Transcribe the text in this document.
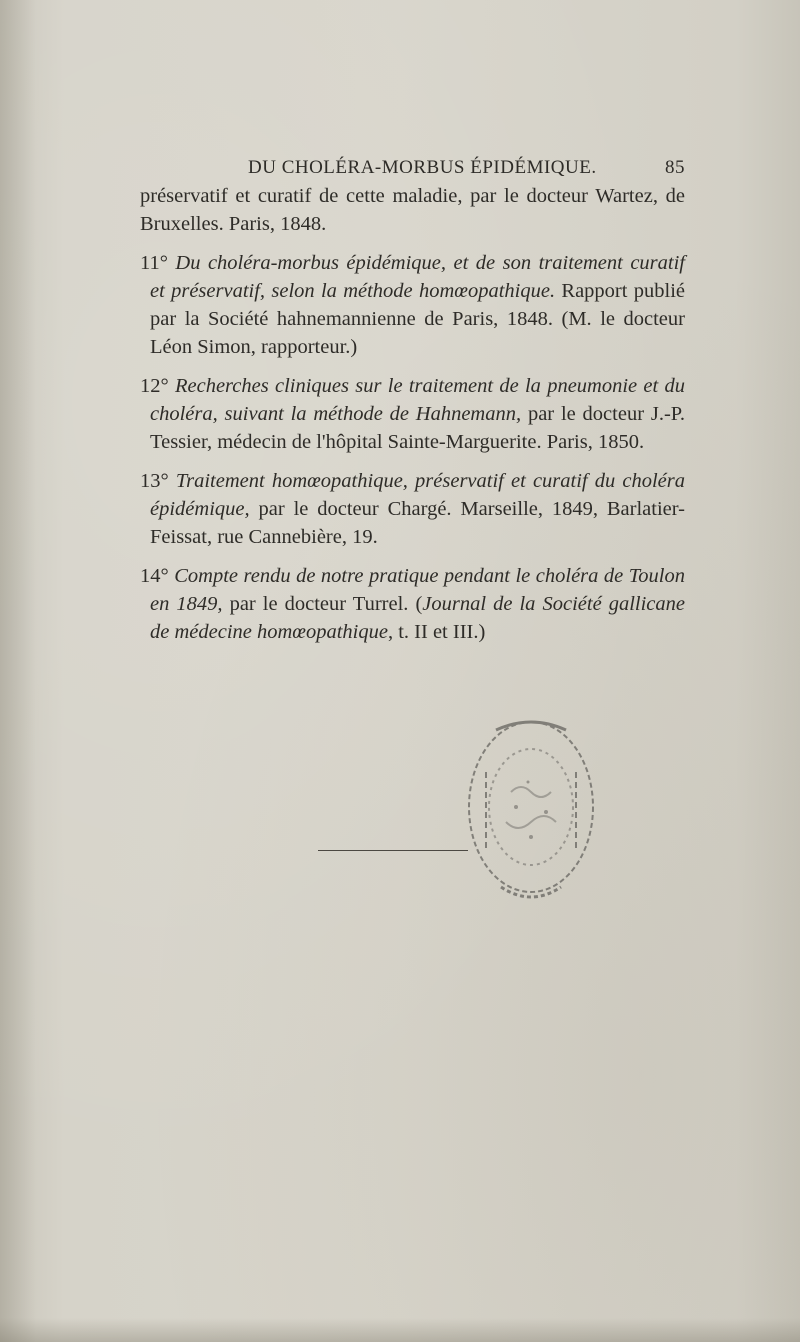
DU CHOLÉRA-MORBUS ÉPIDÉMIQUE.	85

préservatif et curatif de cette maladie, par le docteur Wartez, de Bruxelles. Paris, 1848.

11° Du choléra-morbus épidémique, et de son traitement curatif et préservatif, selon la méthode homœopathique. Rapport publié par la Société hahnemannienne de Paris, 1848. (M. le docteur Léon Simon, rapporteur.)

12° Recherches cliniques sur le traitement de la pneumonie et du choléra, suivant la méthode de Hahnemann, par le docteur J.-P. Tessier, médecin de l'hôpital Sainte-Marguerite. Paris, 1850.

13° Traitement homœopathique, préservatif et curatif du choléra épidémique, par le docteur Chargé. Marseille, 1849, Barlatier-Feissat, rue Cannebière, 19.

14° Compte rendu de notre pratique pendant le choléra de Toulon en 1849, par le docteur Turrel. (Journal de la Société gallicane de médecine homœopathique, t. II et III.)
